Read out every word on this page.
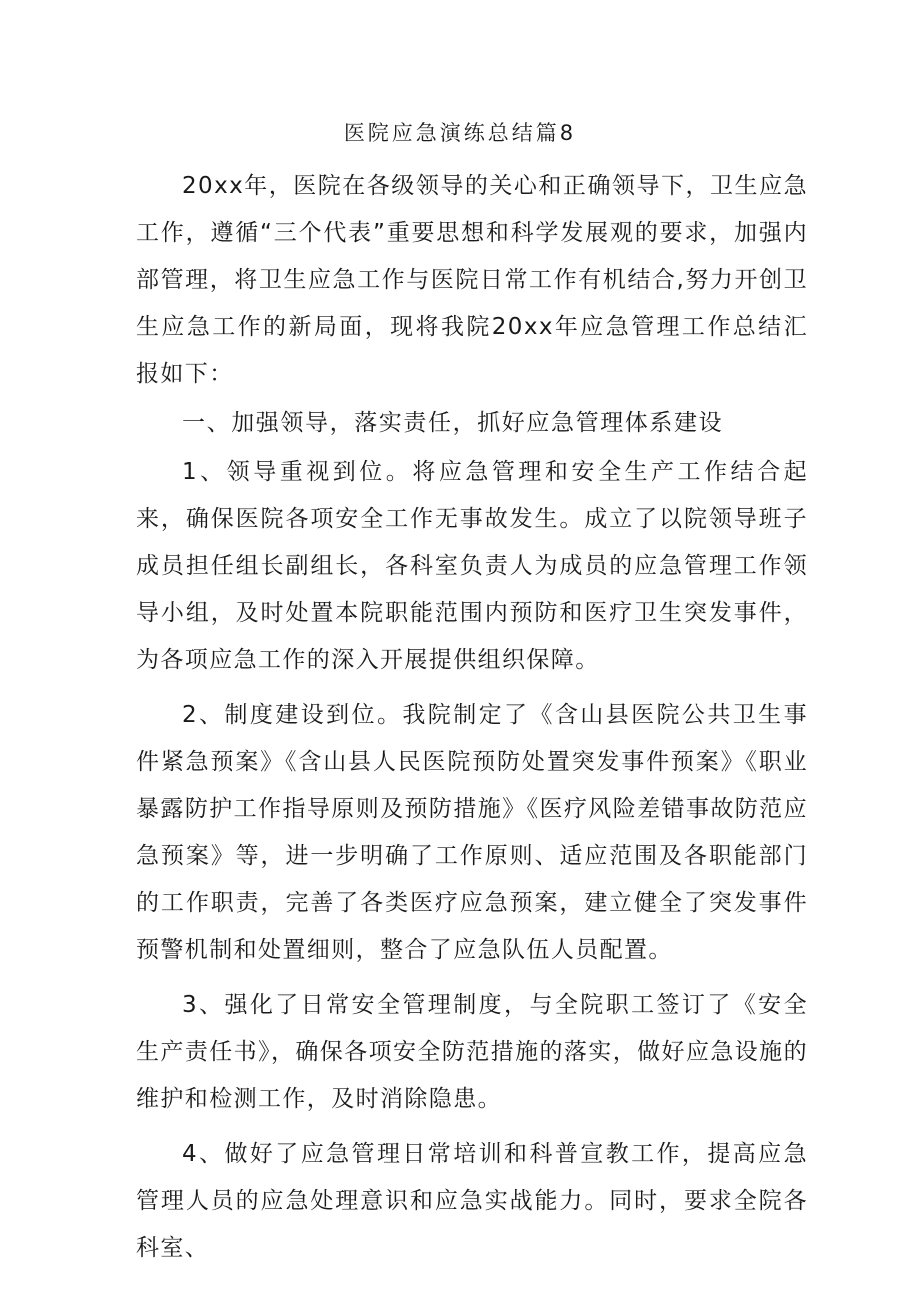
医院应急演练总结篇8

20xx年，医院在各级领导的关心和正确领导下，卫生应急工作，遵循“三个代表”重要思想和科学发展观的要求，加强内部管理，将卫生应急工作与医院日常工作有机结合,努力开创卫生应急工作的新局面，现将我院20xx年应急管理工作总结汇报如下：

一、加强领导，落实责任，抓好应急管理体系建设

1、领导重视到位。将应急管理和安全生产工作结合起来，确保医院各项安全工作无事故发生。成立了以院领导班子成员担任组长副组长，各科室负责人为成员的应急管理工作领导小组，及时处置本院职能范围内预防和医疗卫生突发事件，为各项应急工作的深入开展提供组织保障。

2、制度建设到位。我院制定了《含山县医院公共卫生事件紧急预案》《含山县人民医院预防处置突发事件预案》《职业暴露防护工作指导原则及预防措施》《医疗风险差错事故防范应急预案》等，进一步明确了工作原则、适应范围及各职能部门的工作职责，完善了各类医疗应急预案，建立健全了突发事件预警机制和处置细则，整合了应急队伍人员配置。

3、强化了日常安全管理制度，与全院职工签订了《安全生产责任书》，确保各项安全防范措施的落实，做好应急设施的维护和检测工作，及时消除隐患。

4、做好了应急管理日常培训和科普宣教工作，提高应急管理人员的应急处理意识和应急实战能力。同时，要求全院各科室、
